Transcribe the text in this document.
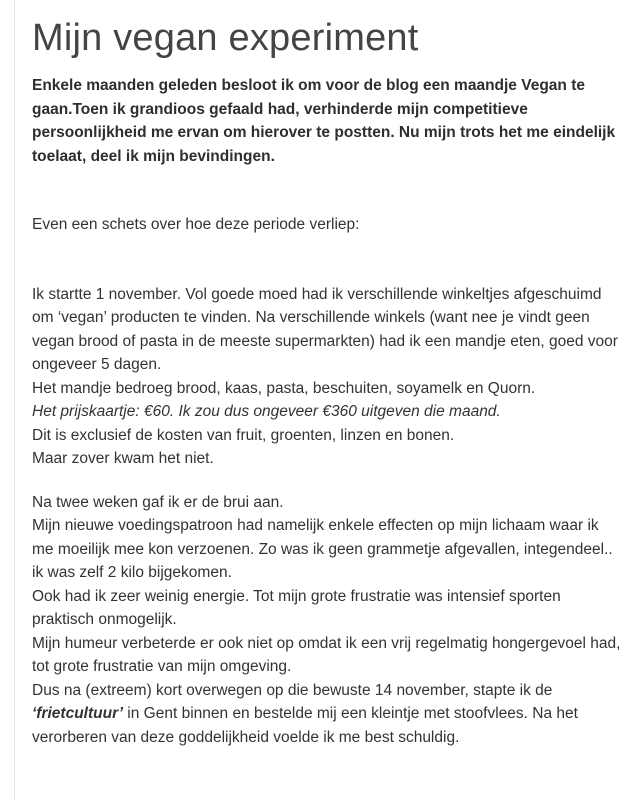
Mijn vegan experiment

Enkele maanden geleden besloot ik om voor de blog een maandje Vegan te gaan.Toen ik grandioos gefaald had, verhinderde mijn competitieve persoonlijkheid me ervan om hierover te postten. Nu mijn trots het me eindelijk toelaat, deel ik mijn bevindingen.

Even een schets over hoe deze periode verliep:

Ik startte 1 november. Vol goede moed had ik verschillende winkeltjes afgeschuimd om ‘vegan’ producten te vinden. Na verschillende winkels (want nee je vindt geen vegan brood of pasta in de meeste supermarkten) had ik een mandje eten, goed voor ongeveer 5 dagen.
Het mandje bedroeg brood, kaas, pasta, beschuiten, soyamelk en Quorn.
Het prijskaartje: €60. Ik zou dus ongeveer €360 uitgeven die maand.
Dit is exclusief de kosten van fruit, groenten, linzen en bonen.
Maar zover kwam het niet.

Na twee weken gaf ik er de brui aan.
Mijn nieuwe voedingspatroon had namelijk enkele effecten op mijn lichaam waar ik me moeilijk mee kon verzoenen. Zo was ik geen grammetje afgevallen, integendeel.. ik was zelf 2 kilo bijgekomen.
Ook had ik zeer weinig energie. Tot mijn grote frustratie was intensief sporten praktisch onmogelijk.
Mijn humeur verbeterde er ook niet op omdat ik een vrij regelmatig hongergevoel had, tot grote frustratie van mijn omgeving.
Dus na (extreem) kort overwegen op die bewuste 14 november, stapte ik de ‘frietcultuur’ in Gent binnen en bestelde mij een kleintje met stoofvlees. Na het verorberen van deze goddelijkheid voelde ik me best schuldig.
